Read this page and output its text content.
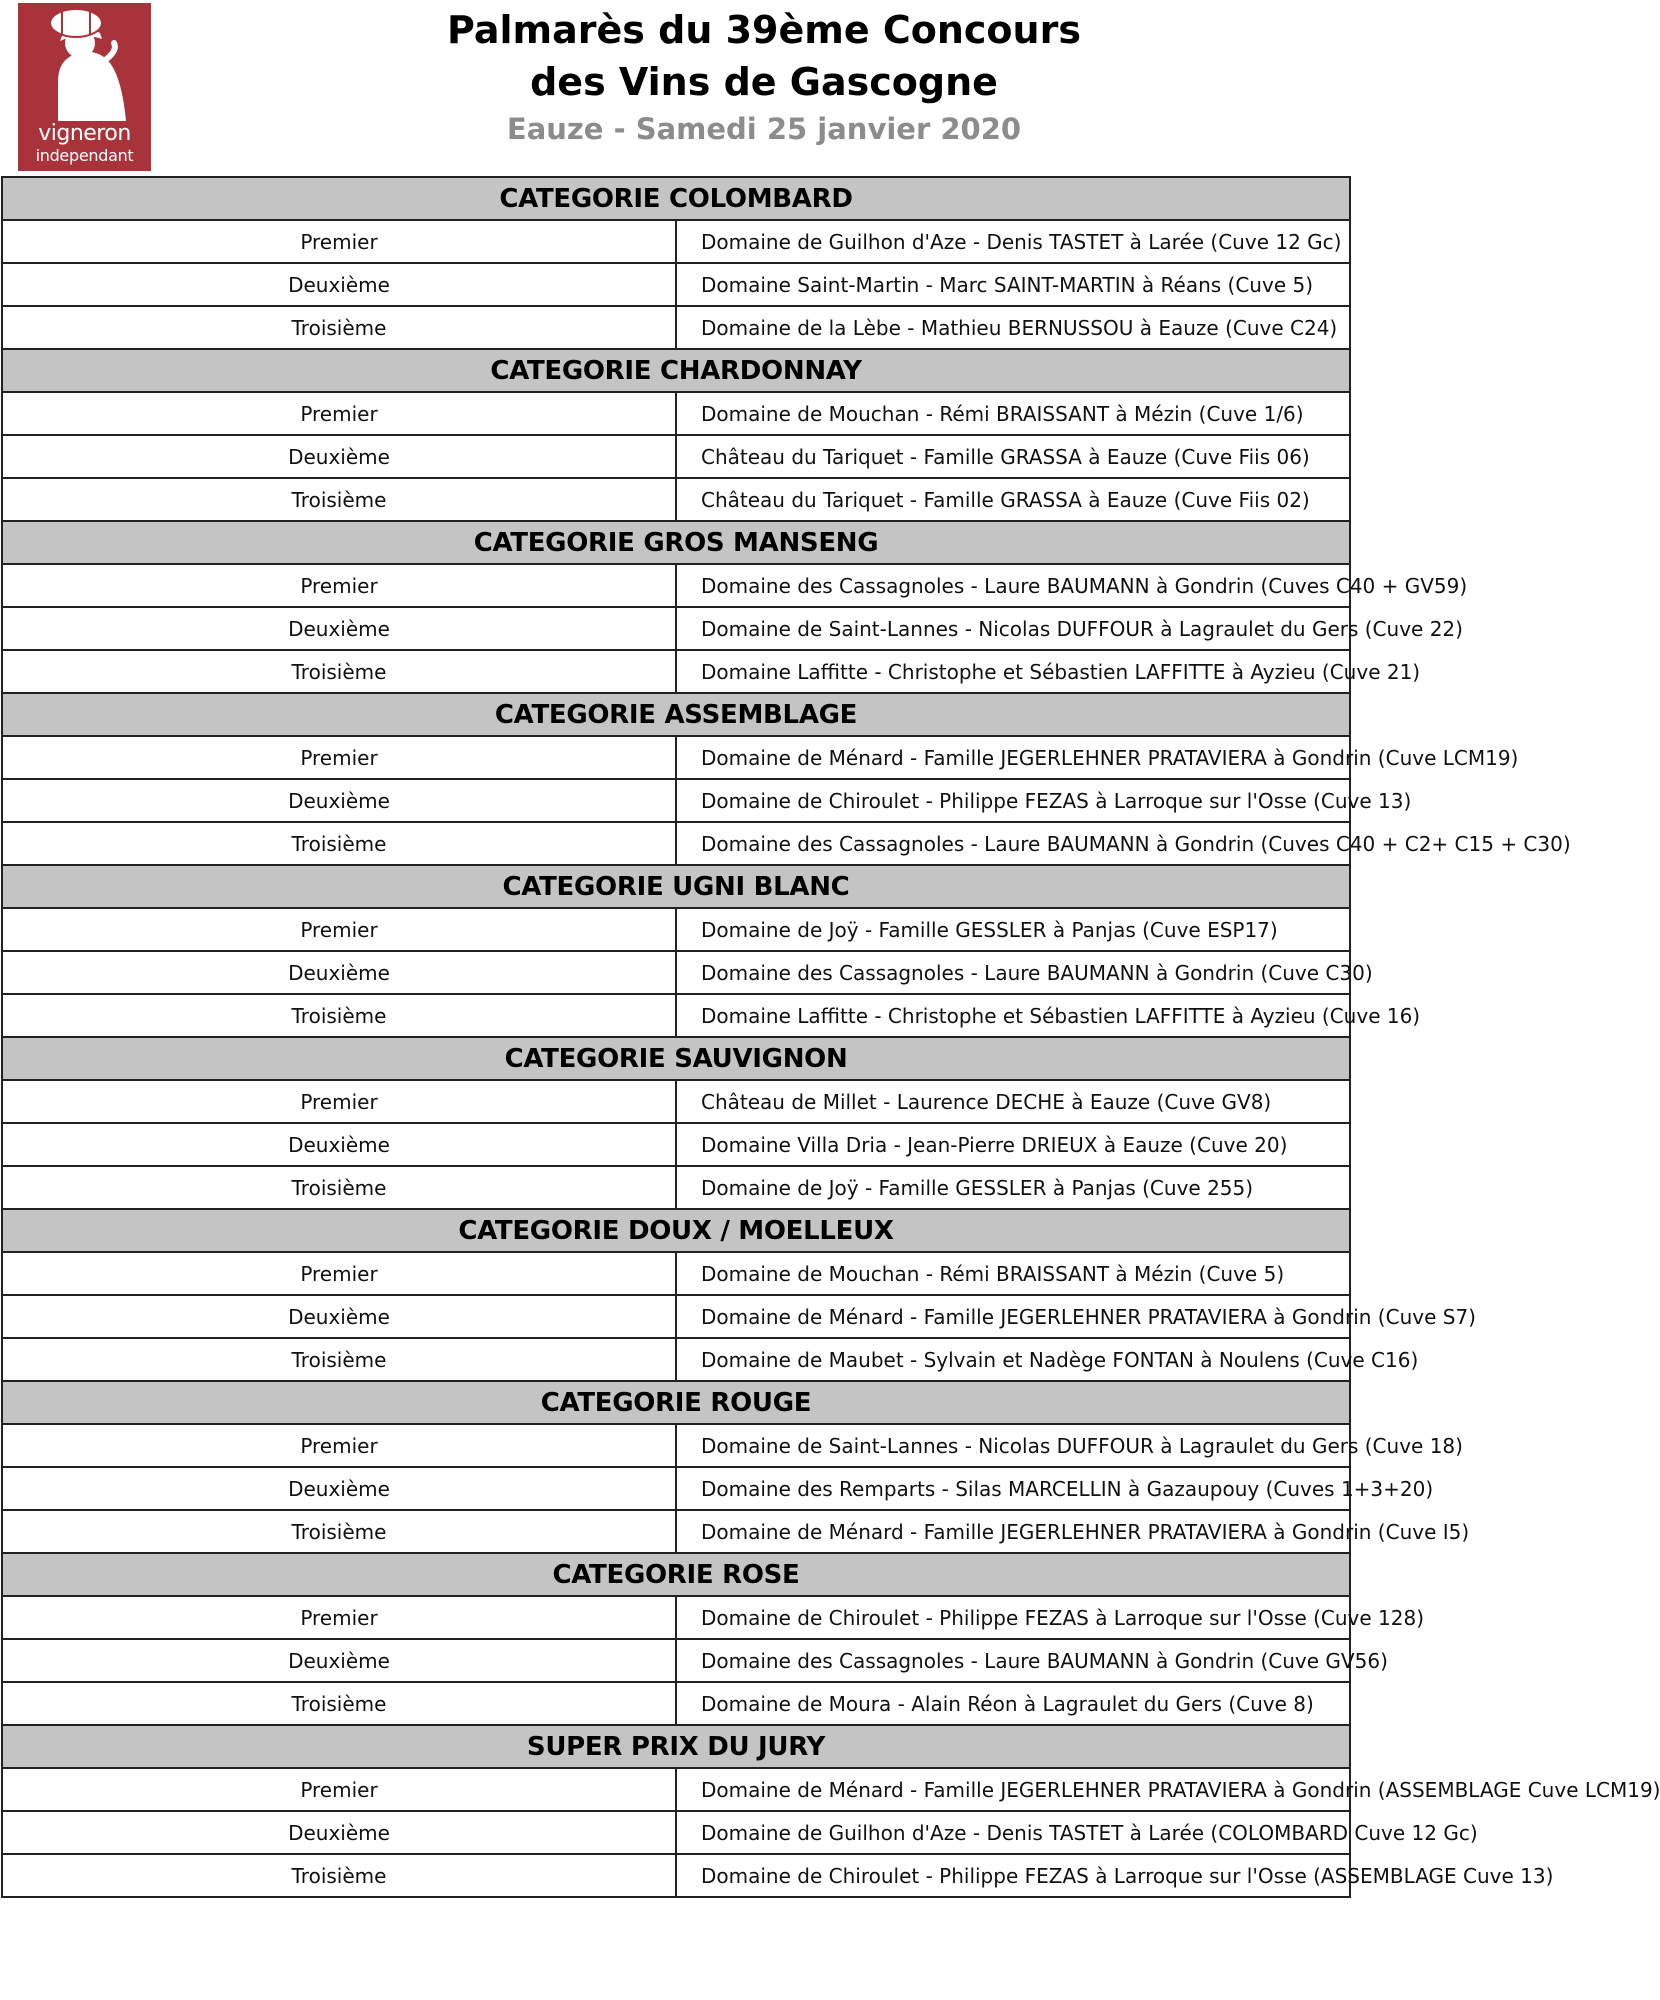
vigneron
independant
Palmarès du 39ème Concours
des Vins de Gascogne
Eauze - Samedi 25 janvier 2020
CATEGORIE COLOMBARD	
Premier	Domaine de Guilhon d'Aze - Denis TASTET à Larée (Cuve 12 Gc)
Deuxième	Domaine Saint-Martin - Marc SAINT-MARTIN à Réans (Cuve 5)
Troisième	Domaine de la Lèbe - Mathieu BERNUSSOU à Eauze (Cuve C24)
CATEGORIE CHARDONNAY	
Premier	Domaine de Mouchan - Rémi BRAISSANT à Mézin (Cuve 1/6)
Deuxième	Château du Tariquet - Famille GRASSA à Eauze (Cuve Fiis 06)
Troisième	Château du Tariquet - Famille GRASSA à Eauze (Cuve Fiis 02)
CATEGORIE GROS MANSENG	
Premier	Domaine des Cassagnoles - Laure BAUMANN à Gondrin (Cuves C40 + GV59)
Deuxième	Domaine de Saint-Lannes - Nicolas DUFFOUR à Lagraulet du Gers (Cuve 22)
Troisième	Domaine Laffitte - Christophe et Sébastien LAFFITTE à Ayzieu (Cuve 21)
CATEGORIE ASSEMBLAGE	
Premier	Domaine de Ménard - Famille JEGERLEHNER PRATAVIERA à Gondrin (Cuve LCM19)
Deuxième	Domaine de Chiroulet - Philippe FEZAS à Larroque sur l'Osse (Cuve 13)
Troisième	Domaine des Cassagnoles - Laure BAUMANN à Gondrin (Cuves C40 + C2+ C15 + C30)
CATEGORIE UGNI BLANC	
Premier	Domaine de Joÿ - Famille GESSLER à Panjas (Cuve ESP17)
Deuxième	Domaine des Cassagnoles - Laure BAUMANN à Gondrin (Cuve C30)
Troisième	Domaine Laffitte - Christophe et Sébastien LAFFITTE à Ayzieu (Cuve 16)
CATEGORIE SAUVIGNON	
Premier	Château de Millet - Laurence DECHE à Eauze (Cuve GV8)
Deuxième	Domaine Villa Dria - Jean-Pierre DRIEUX à Eauze (Cuve 20)
Troisième	Domaine de Joÿ - Famille GESSLER à Panjas (Cuve 255)
CATEGORIE DOUX / MOELLEUX	
Premier	Domaine de Mouchan - Rémi BRAISSANT à Mézin (Cuve 5)
Deuxième	Domaine de Ménard - Famille JEGERLEHNER PRATAVIERA à Gondrin (Cuve S7)
Troisième	Domaine de Maubet - Sylvain et Nadège FONTAN à Noulens (Cuve C16)
CATEGORIE ROUGE	
Premier	Domaine de Saint-Lannes - Nicolas DUFFOUR à Lagraulet du Gers (Cuve 18)
Deuxième	Domaine des Remparts - Silas MARCELLIN à Gazaupouy (Cuves 1+3+20)
Troisième	Domaine de Ménard - Famille JEGERLEHNER PRATAVIERA à Gondrin (Cuve I5)
CATEGORIE ROSE	
Premier	Domaine de Chiroulet - Philippe FEZAS à Larroque sur l'Osse (Cuve 128)
Deuxième	Domaine des Cassagnoles - Laure BAUMANN à Gondrin (Cuve GV56)
Troisième	Domaine de Moura - Alain Réon à Lagraulet du Gers (Cuve 8)
SUPER PRIX DU JURY	
Premier	Domaine de Ménard - Famille JEGERLEHNER PRATAVIERA à Gondrin (ASSEMBLAGE Cuve LCM19)
Deuxième	Domaine de Guilhon d'Aze - Denis TASTET à Larée (COLOMBARD Cuve 12 Gc)
Troisième	Domaine de Chiroulet - Philippe FEZAS à Larroque sur l'Osse (ASSEMBLAGE Cuve 13)
